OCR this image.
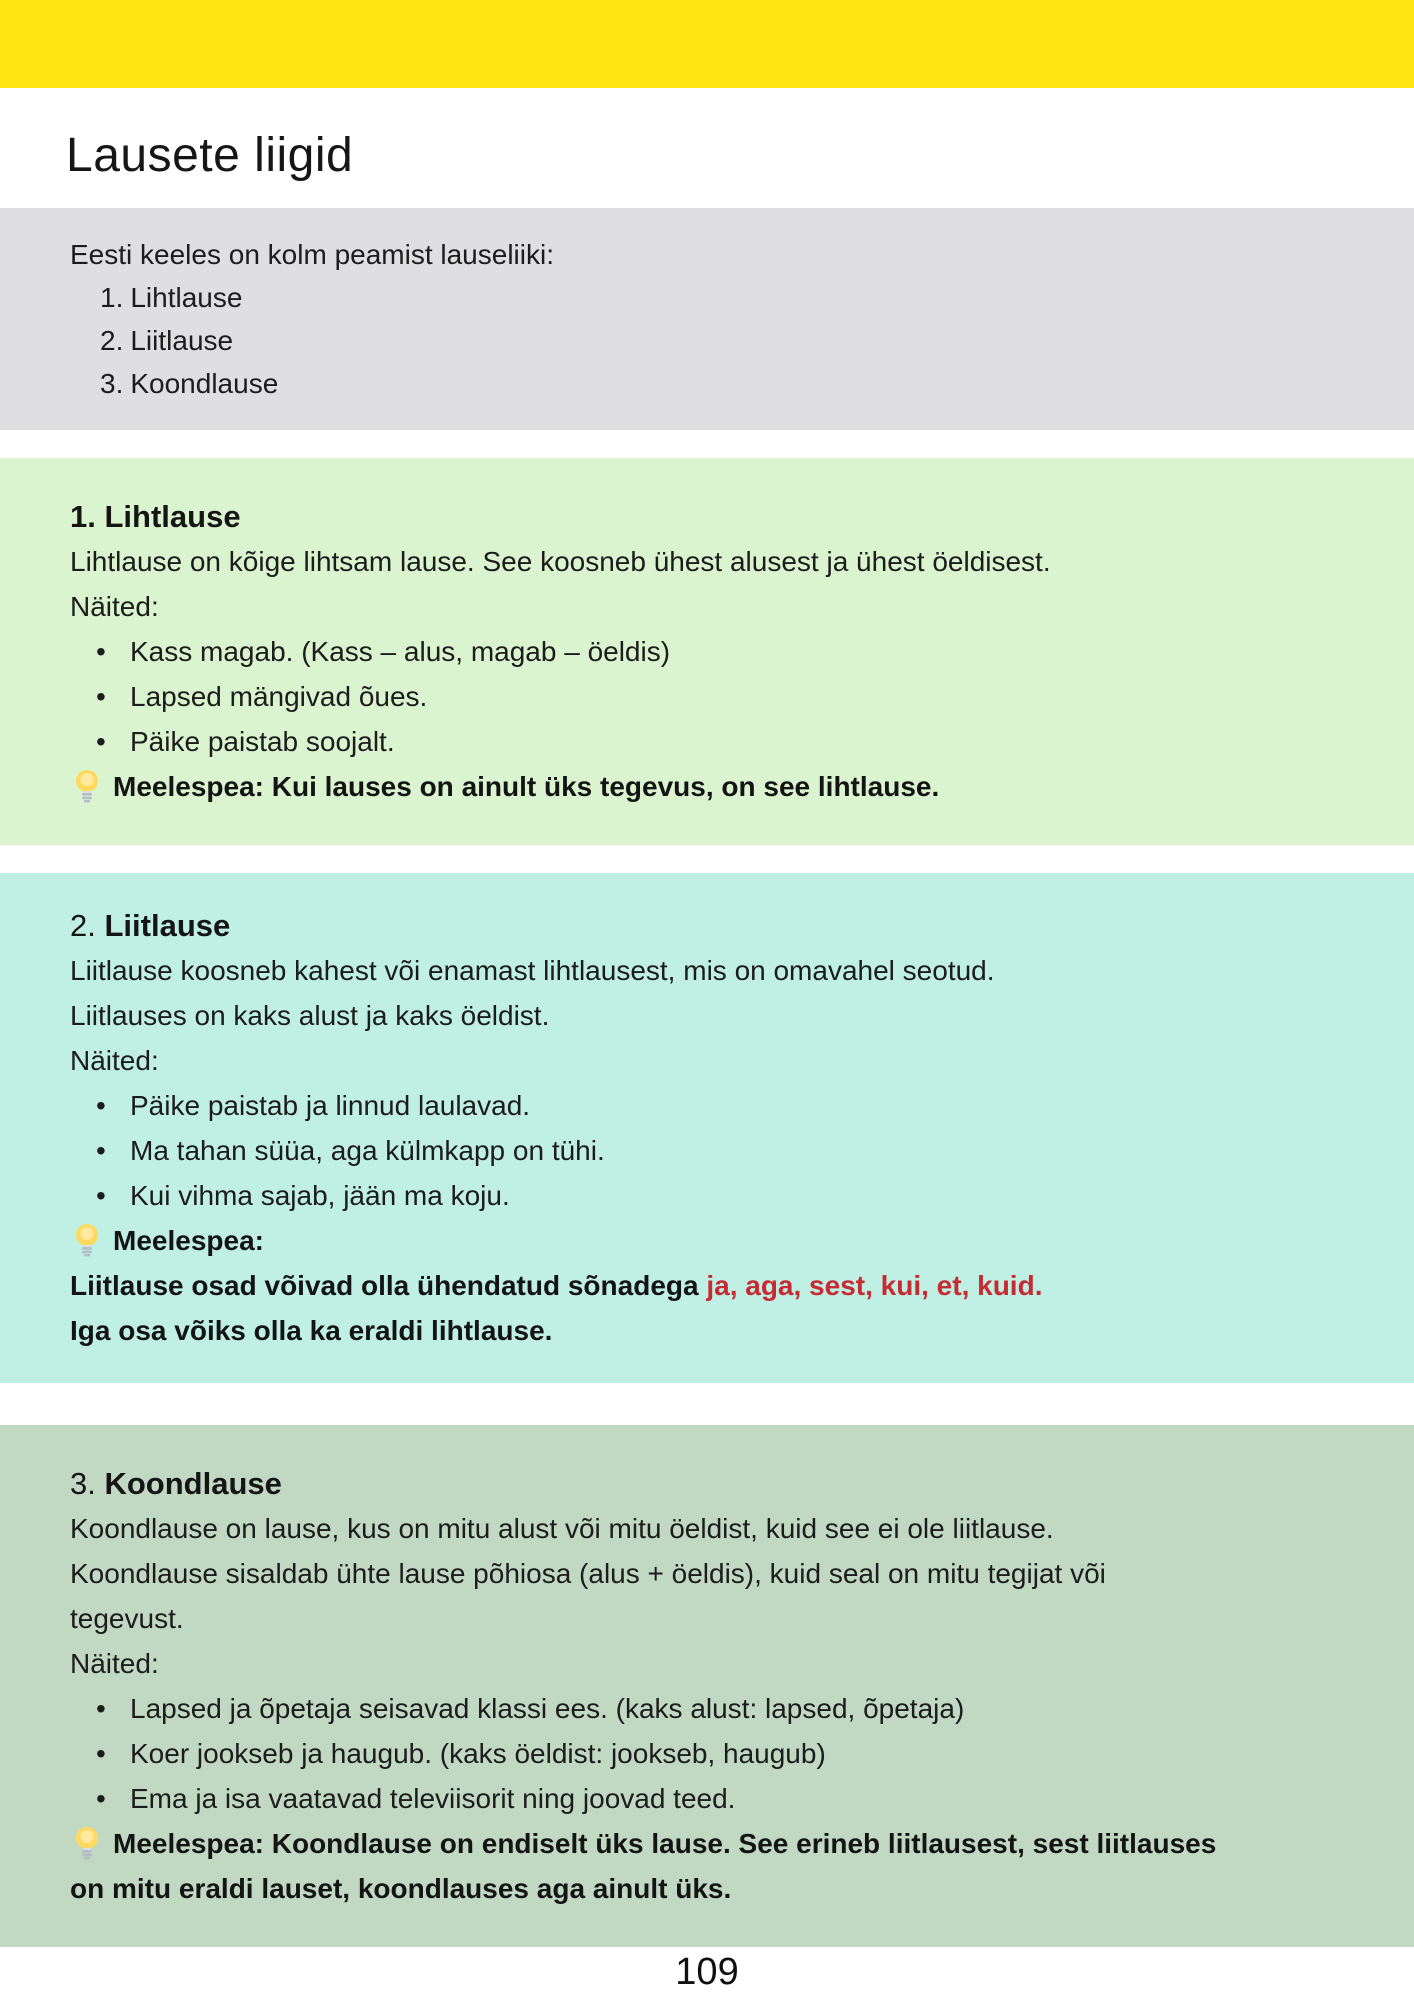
Lausete liigid

Eesti keeles on kolm peamist lauseliiki:

1. Lihtlause
2. Liitlause
3. Koondlause
1. Lihtlause

Lihtlause on kõige lihtsam lause. See koosneb ühest alusest ja ühest öeldisest.

Näited:

• Kass magab. (Kass – alus, magab – öeldis)
• Lapsed mängivad õues.
• Päike paistab soojalt.
Meelespea: Kui lauses on ainult üks tegevus, on see lihtlause.
2. Liitlause

Liitlause koosneb kahest või enamast lihtlausest, mis on omavahel seotud.

Liitlauses on kaks alust ja kaks öeldist.

Näited:

• Päike paistab ja linnud laulavad.
• Ma tahan süüa, aga külmkapp on tühi.
• Kui vihma sajab, jään ma koju.
Meelespea:
Liitlause osad võivad olla ühendatud sõnadega ja, aga, sest, kui, et, kuid.
Iga osa võiks olla ka eraldi lihtlause.
3. Koondlause

Koondlause on lause, kus on mitu alust või mitu öeldist, kuid see ei ole liitlause.

Koondlause sisaldab ühte lause põhiosa (alus + öeldis), kuid seal on mitu tegijat või
tegevust.

Näited:

• Lapsed ja õpetaja seisavad klassi ees. (kaks alust: lapsed, õpetaja)
• Koer jookseb ja haugub. (kaks öeldist: jookseb, haugub)
• Ema ja isa vaatavad televiisorit ning joovad teed.
Meelespea: Koondlause on endiselt üks lause. See erineb liitlausest, sest liitlauses
on mitu eraldi lauset, koondlauses aga ainult üks.
109
